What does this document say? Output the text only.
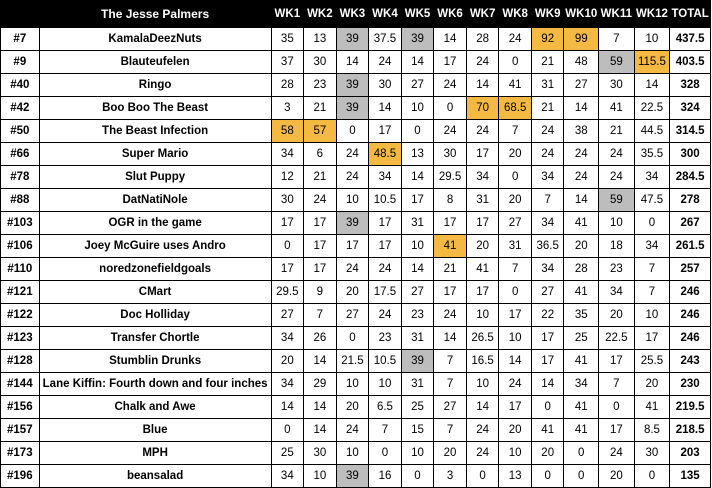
	The Jesse Palmers	WK1	WK2	WK3	WK4	WK5	WK6	WK7	WK8	WK9	WK10	WK11	WK12	TOTAL
#7	KamalaDeezNuts	35	13	39	37.5	39	14	28	24	92	99	7	10	437.5
#9	Blauteufelen	37	30	14	24	14	17	24	0	21	48	59	115.5	403.5
#40	Ringo	28	23	39	30	27	24	14	41	31	27	30	14	328
#42	Boo Boo The Beast	3	21	39	14	10	0	70	68.5	21	14	41	22.5	324
#50	The Beast Infection	58	57	0	17	0	24	24	7	24	38	21	44.5	314.5
#66	Super Mario	34	6	24	48.5	13	30	17	20	24	24	24	35.5	300
#78	Slut Puppy	12	21	24	34	14	29.5	34	0	34	24	24	34	284.5
#88	DatNatiNole	30	24	10	10.5	17	8	31	20	7	14	59	47.5	278
#103	OGR in the game	17	17	39	17	31	17	17	27	34	41	10	0	267
#106	Joey McGuire uses Andro	0	17	17	17	10	41	20	31	36.5	20	18	34	261.5
#110	noredzonefieldgoals	17	17	24	24	14	21	41	7	34	28	23	7	257
#121	CMart	29.5	9	20	17.5	27	17	17	0	27	41	34	7	246
#122	Doc Holliday	27	7	27	24	23	24	10	17	22	35	20	10	246
#123	Transfer Chortle	34	26	0	23	31	14	26.5	10	17	25	22.5	17	246
#128	Stumblin Drunks	20	14	21.5	10.5	39	7	16.5	14	17	41	17	25.5	243
#144	Lane Kiffin: Fourth down and four inches	34	29	10	10	31	7	10	24	14	34	7	20	230
#156	Chalk and Awe	14	14	20	6.5	25	27	14	17	0	41	0	41	219.5
#157	Blue	0	14	24	7	15	7	24	20	41	41	17	8.5	218.5
#173	MPH	25	30	10	0	10	20	24	10	20	0	24	30	203
#196	beansalad	34	10	39	16	0	3	0	13	0	0	20	0	135
